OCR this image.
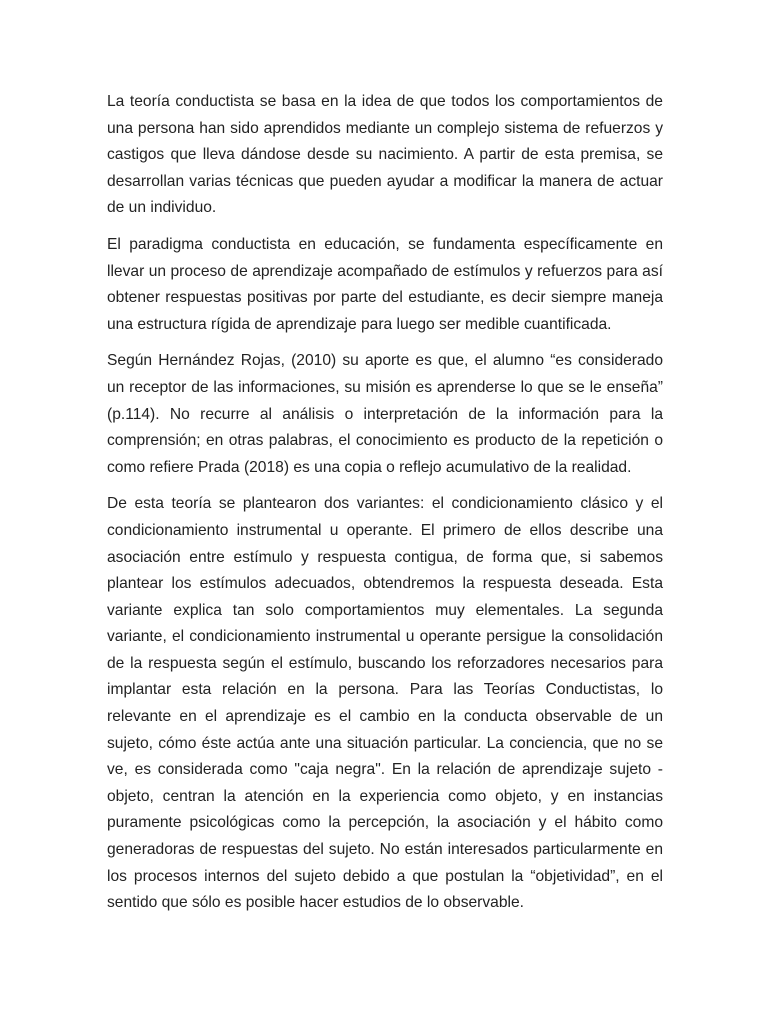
La teoría conductista se basa en la idea de que todos los comportamientos de una persona han sido aprendidos mediante un complejo sistema de refuerzos y castigos que lleva dándose desde su nacimiento. A partir de esta premisa, se desarrollan varias técnicas que pueden ayudar a modificar la manera de actuar de un individuo.

El paradigma conductista en educación, se fundamenta específicamente en llevar un proceso de aprendizaje acompañado de estímulos y refuerzos para así obtener respuestas positivas por parte del estudiante, es decir siempre maneja una estructura rígida de aprendizaje para luego ser medible cuantificada.

Según Hernández Rojas, (2010) su aporte es que, el alumno “es considerado un receptor de las informaciones, su misión es aprenderse lo que se le enseña” (p.114). No recurre al análisis o interpretación de la información para la comprensión; en otras palabras, el conocimiento es producto de la repetición o como refiere Prada (2018) es una copia o reflejo acumulativo de la realidad.

De esta teoría se plantearon dos variantes: el condicionamiento clásico y el condicionamiento instrumental u operante. El primero de ellos describe una asociación entre estímulo y respuesta contigua, de forma que, si sabemos plantear los estímulos adecuados, obtendremos la respuesta deseada. Esta variante explica tan solo comportamientos muy elementales. La segunda variante, el condicionamiento instrumental u operante persigue la consolidación de la respuesta según el estímulo, buscando los reforzadores necesarios para implantar esta relación en la persona. Para las Teorías Conductistas, lo relevante en el aprendizaje es el cambio en la conducta observable de un sujeto, cómo éste actúa ante una situación particular. La conciencia, que no se ve, es considerada como "caja negra". En la relación de aprendizaje sujeto - objeto, centran la atención en la experiencia como objeto, y en instancias puramente psicológicas como la percepción, la asociación y el hábito como generadoras de respuestas del sujeto. No están interesados particularmente en los procesos internos del sujeto debido a que postulan la “objetividad”, en el sentido que sólo es posible hacer estudios de lo observable.
